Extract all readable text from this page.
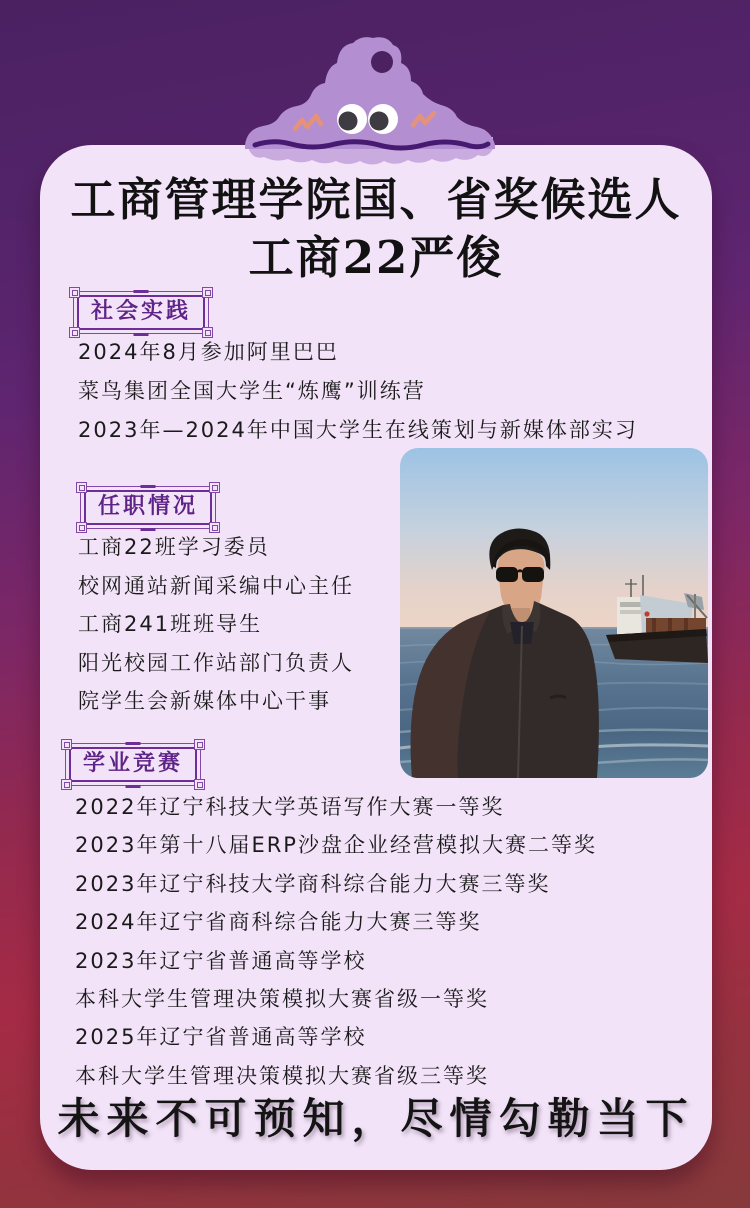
工商管理学院国、省奖候选人
工商22严俊
社会实践
2024年8月参加阿里巴巴
菜鸟集团全国大学生“炼鹰”训练营
2023年—2024年中国大学生在线策划与新媒体部实习
任职情况
工商22班学习委员
校网通站新闻采编中心主任
工商241班班导生
阳光校园工作站部门负责人
院学生会新媒体中心干事
学业竞赛
2022年辽宁科技大学英语写作大赛一等奖
2023年第十八届ERP沙盘企业经营模拟大赛二等奖
2023年辽宁科技大学商科综合能力大赛三等奖
2024年辽宁省商科综合能力大赛三等奖
2023年辽宁省普通高等学校
本科大学生管理决策模拟大赛省级一等奖
2025年辽宁省普通高等学校
本科大学生管理决策模拟大赛省级三等奖
未来不可预知，尽情勾勒当下
